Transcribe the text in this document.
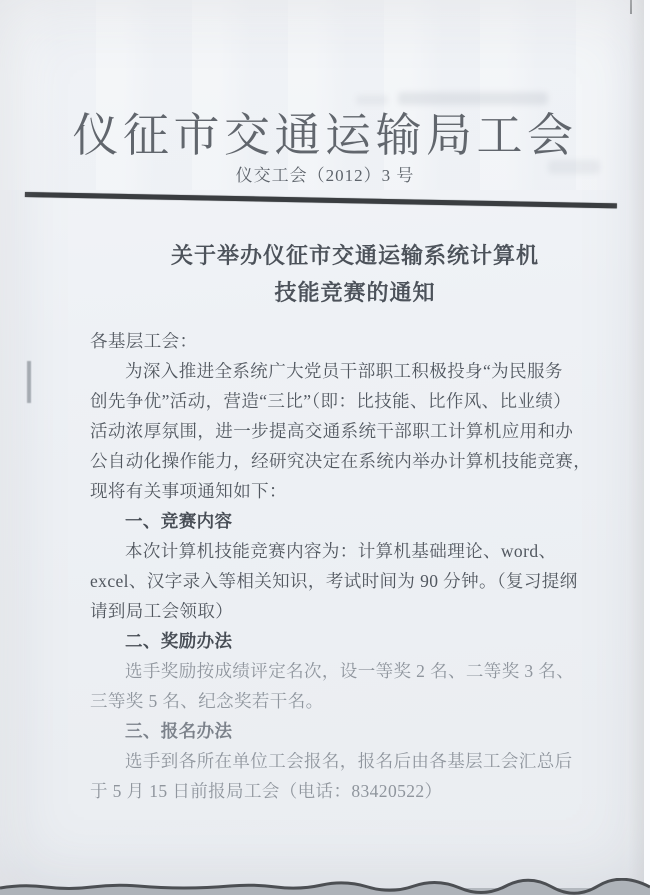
仪征市交通运输局工会
仪交工会（2012）3 号
关于举办仪征市交通运输系统计算机
技能竞赛的通知
各基层工会：
为深入推进全系统广大党员干部职工积极投身“为民服务
创先争优”活动，营造“三比”（即：比技能、比作风、比业绩）
活动浓厚氛围，进一步提高交通系统干部职工计算机应用和办
公自动化操作能力，经研究决定在系统内举办计算机技能竞赛，
现将有关事项通知如下：
一、竞赛内容
本次计算机技能竞赛内容为：计算机基础理论、word、
excel、汉字录入等相关知识，考试时间为 90 分钟。（复习提纲
请到局工会领取）
二、奖励办法
选手奖励按成绩评定名次，设一等奖 2 名、二等奖 3 名、
三等奖 5 名、纪念奖若干名。
三、报名办法
选手到各所在单位工会报名，报名后由各基层工会汇总后
于 5 月 15 日前报局工会（电话：83420522）
